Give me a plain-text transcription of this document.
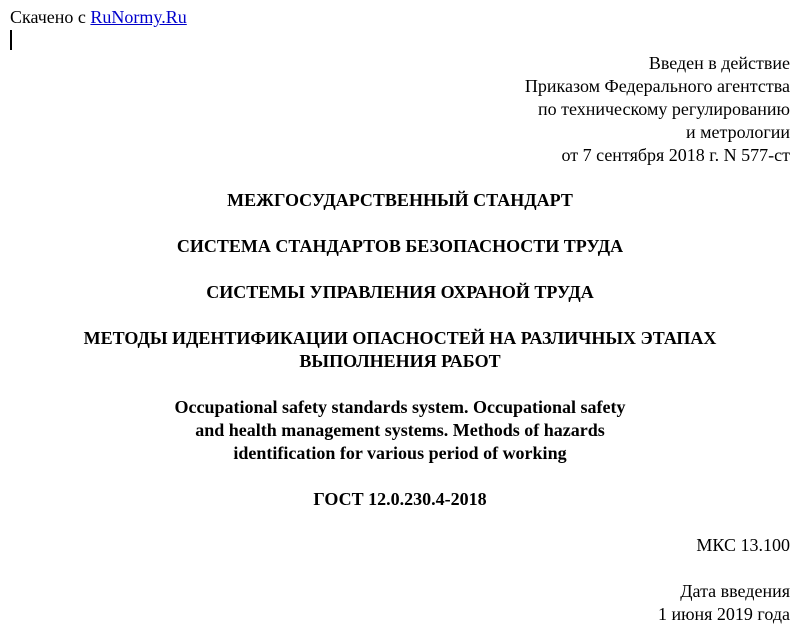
Скачено с RuNormy.Ru
Введен в действие
Приказом Федерального агентства
по техническому регулированию
и метрологии
от 7 сентября 2018 г. N 577-ст
МЕЖГОСУДАРСТВЕННЫЙ СТАНДАРТ
СИСТЕМА СТАНДАРТОВ БЕЗОПАСНОСТИ ТРУДА
СИСТЕМЫ УПРАВЛЕНИЯ ОХРАНОЙ ТРУДА
МЕТОДЫ ИДЕНТИФИКАЦИИ ОПАСНОСТЕЙ НА РАЗЛИЧНЫХ ЭТАПАХ
ВЫПОЛНЕНИЯ РАБОТ
Occupational safety standards system. Occupational safety
and health management systems. Methods of hazards
identification for various period of working
ГОСТ 12.0.230.4-2018
МКС 13.100
Дата введения
1 июня 2019 года
